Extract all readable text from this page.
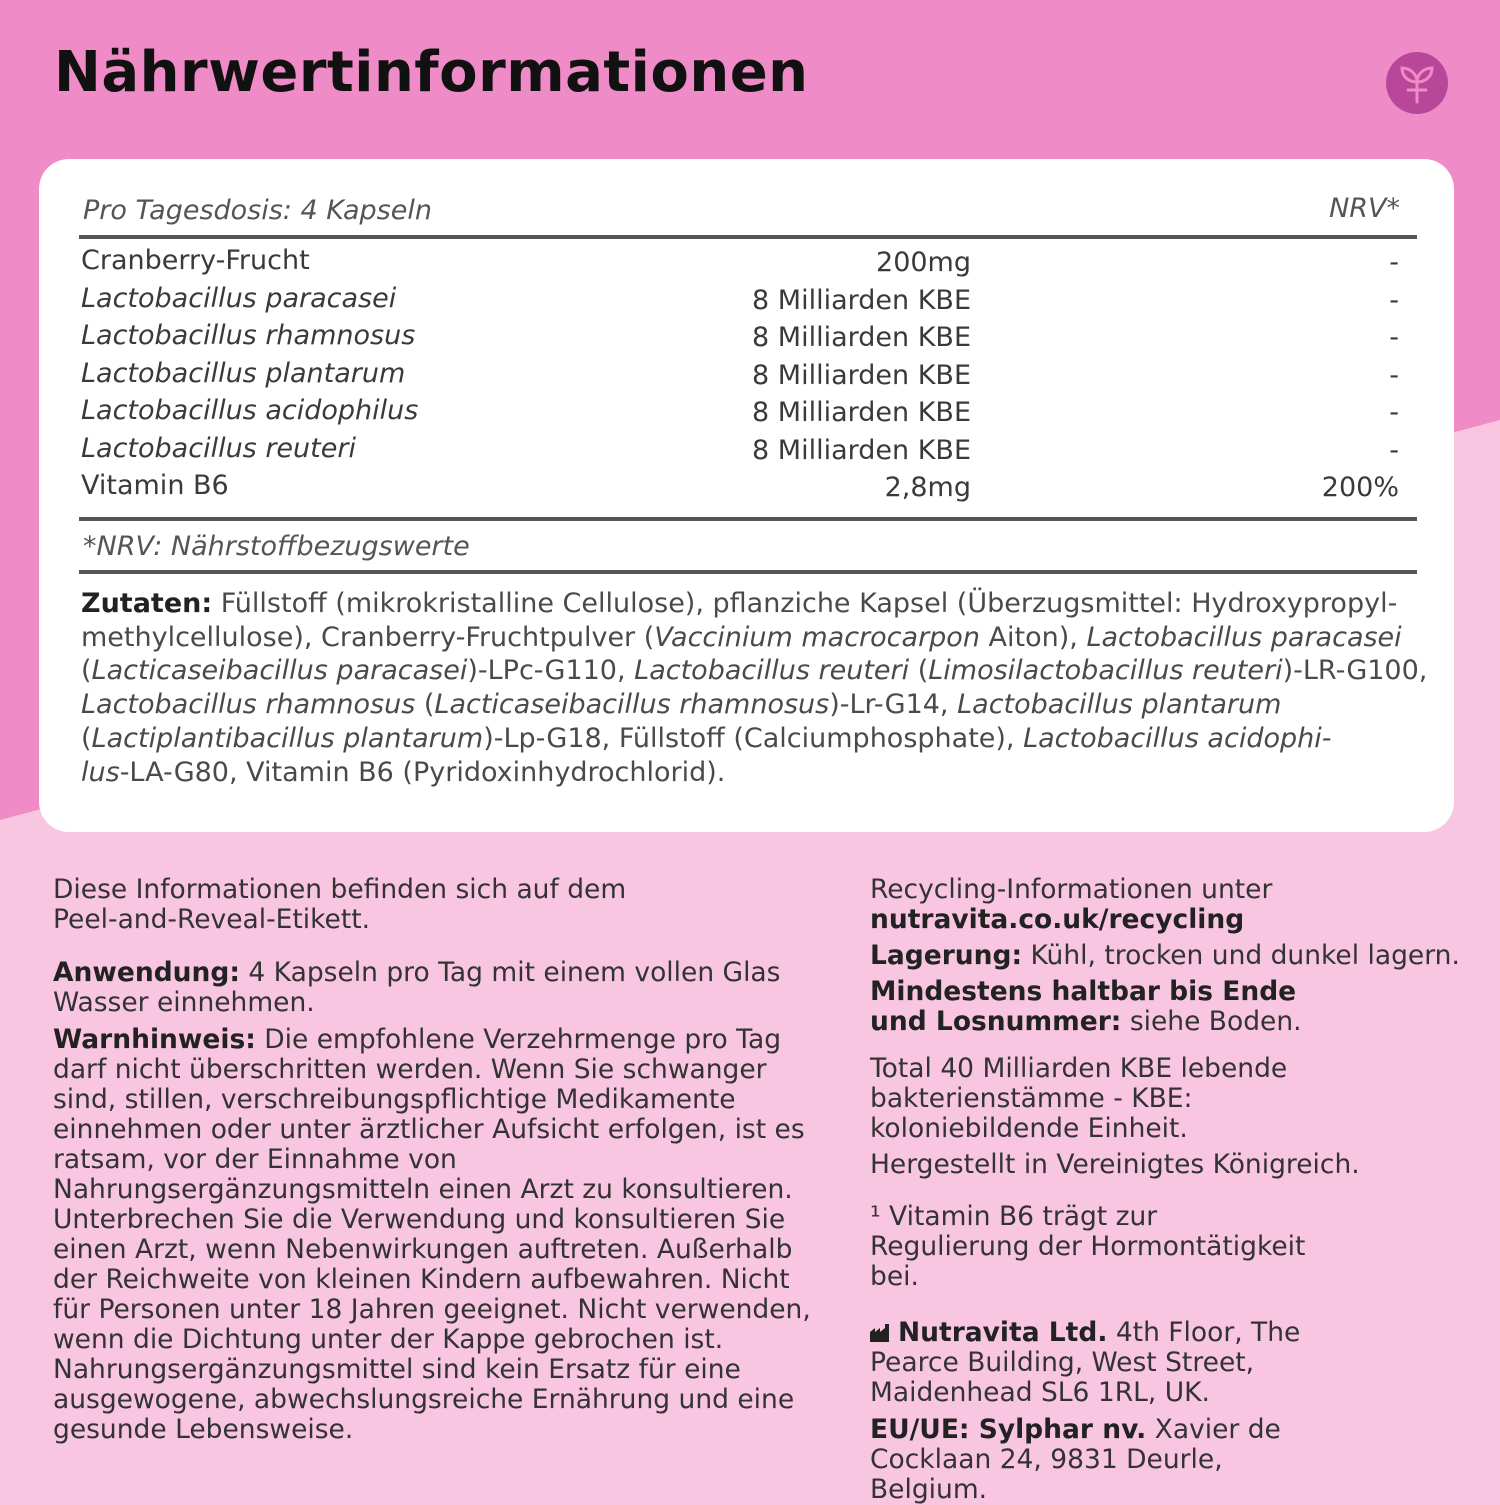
Nährwertinformationen
Pro Tagesdosis: 4 Kapseln	NRV*
Cranberry-Frucht	200mg	-
Lactobacillus paracasei	8 Milliarden KBE	-
Lactobacillus rhamnosus	8 Milliarden KBE	-
Lactobacillus plantarum	8 Milliarden KBE	-
Lactobacillus acidophilus	8 Milliarden KBE	-
Lactobacillus reuteri	8 Milliarden KBE	-
Vitamin B6	2,8mg	200%
*NRV: Nährstoffbezugswerte
Zutaten: Füllstoff (mikrokristalline Cellulose), pflanziche Kapsel (Überzugsmittel: Hydroxypropyl-
methylcellulose), Cranberry-Fruchtpulver (Vaccinium macrocarpon Aiton), Lactobacillus paracasei
(Lacticaseibacillus paracasei)-LPc-G110, Lactobacillus reuteri (Limosilactobacillus reuteri)-LR-G100,
Lactobacillus rhamnosus (Lacticaseibacillus rhamnosus)-Lr-G14, Lactobacillus plantarum
(Lactiplantibacillus plantarum)-Lp-G18, Füllstoff (Calciumphosphate), Lactobacillus acidophi-
lus-LA-G80, Vitamin B6 (Pyridoxinhydrochlorid).

Diese Informationen befinden sich auf dem Peel-and-Reveal-Etikett.

Anwendung: 4 Kapseln pro Tag mit einem vollen Glas Wasser einnehmen.

Warnhinweis: Die empfohlene Verzehrmenge pro Tag darf nicht überschritten werden. Wenn Sie schwanger sind, stillen, verschreibungspflichtige Medikamente einnehmen oder unter ärztlicher Aufsicht erfolgen, ist es ratsam, vor der Einnahme von Nahrungsergänzungsmitteln einen Arzt zu konsultieren. Unterbrechen Sie die Verwendung und konsultieren Sie einen Arzt, wenn Nebenwirkungen auftreten. Außerhalb der Reichweite von kleinen Kindern aufbewahren. Nicht für Personen unter 18 Jahren geeignet. Nicht verwenden, wenn die Dichtung unter der Kappe gebrochen ist. Nahrungsergänzungsmittel sind kein Ersatz für eine ausgewogene, abwechslungsreiche Ernährung und eine gesunde Lebensweise.

Recycling-Informationen unter

nutravita.co.uk/recycling

Lagerung: Kühl, trocken und dunkel lagern.

Mindestens haltbar bis Ende und Losnummer: siehe Boden.

Total 40 Milliarden KBE lebende bakterienstämme - KBE: koloniebildende Einheit.

Hergestellt in Vereinigtes Königreich.

¹ Vitamin B6 trägt zur Regulierung der Hormontätigkeit bei.

Nutravita Ltd. 4th Floor, The Pearce Building, West Street, Maidenhead SL6 1RL, UK.

EU/UE: Sylphar nv. Xavier de Cocklaan 24, 9831 Deurle, Belgium.
